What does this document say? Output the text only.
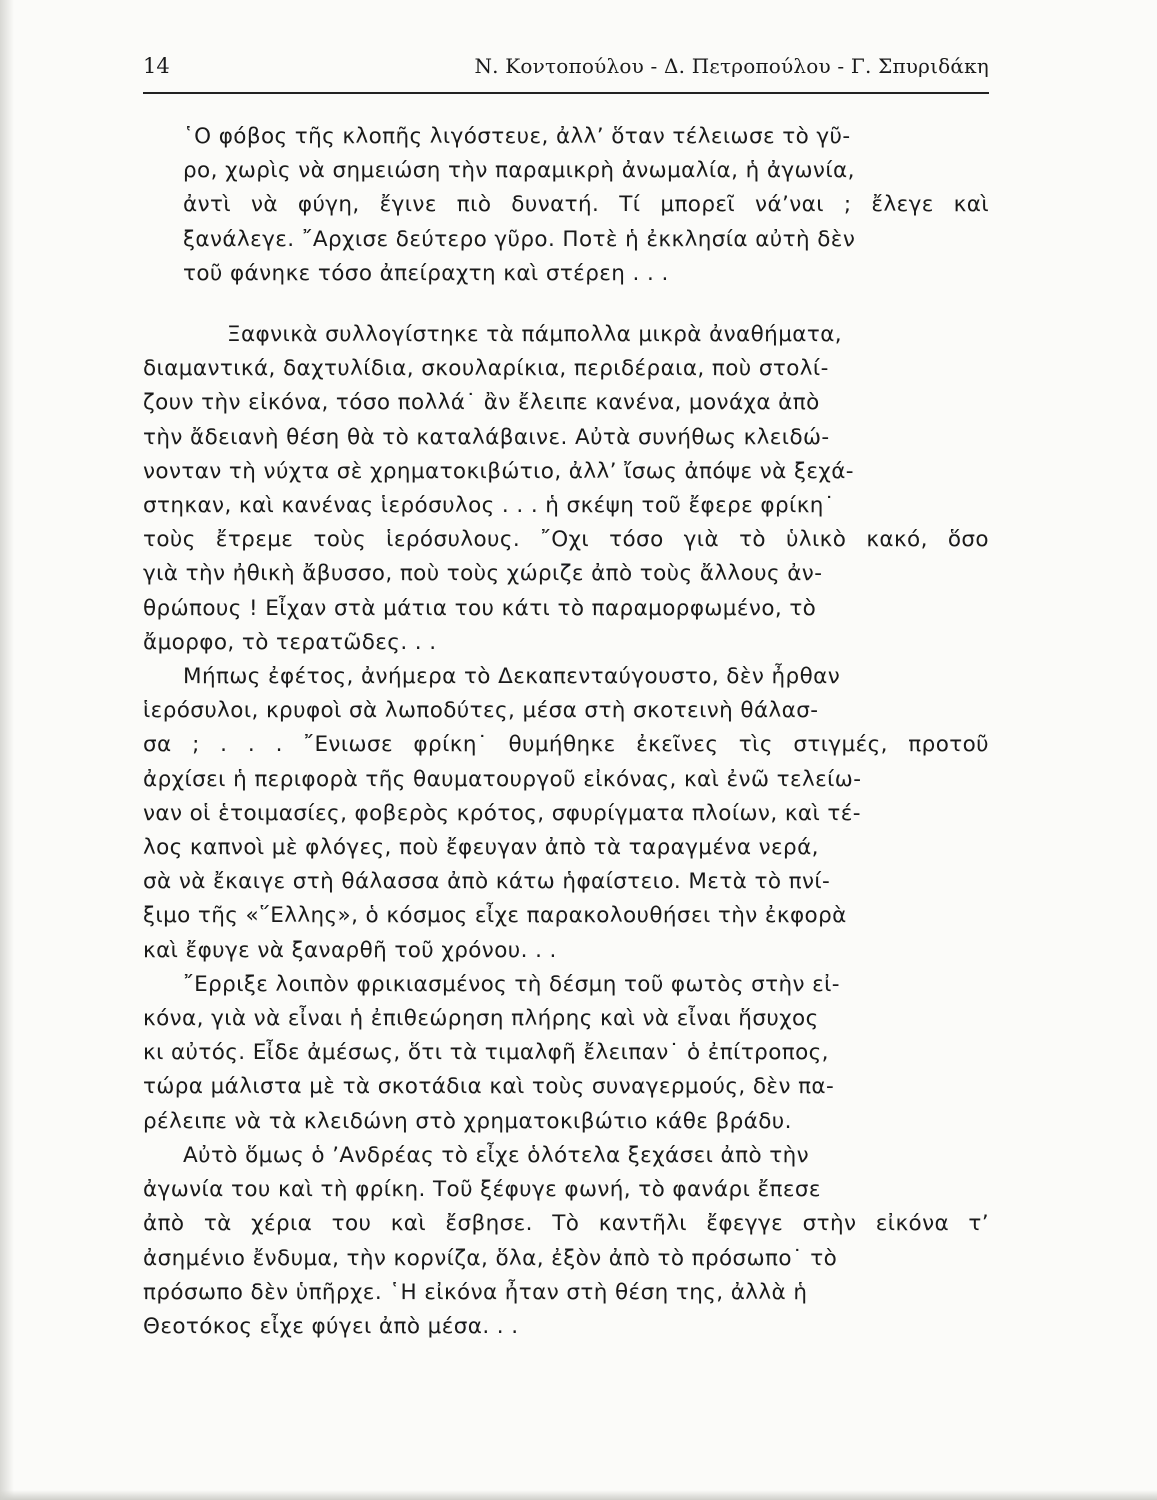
14	Ν. Κοντοπούλου - Δ. Πετροπούλου - Γ. Σπυριδάκη

῾Ο φόβος τῆς κλοπῆς λιγόστευε, ἀλλ’ ὅταν τέλειωσε τὸ γῦ-
ρο, χωρὶς νὰ σημειώση τὴν παραμικρὴ ἀνωμαλία, ἡ ἀγωνία,
ἀντὶ νὰ φύγη, ἔγινε πιὸ δυνατή. Τί μπορεῖ νά’ναι ; ἔλεγε καὶ
ξανάλεγε. ῎Αρχισε δεύτερο γῦρο. Ποτὲ ἡ ἐκκλησία αὐτὴ δὲν
τοῦ φάνηκε τόσο ἀπείραχτη καὶ στέρεη . . .

Ξαφνικὰ συλλογίστηκε τὰ πάμπολλα μικρὰ ἀναθήματα,
διαμαντικά, δαχτυλίδια, σκουλαρίκια, περιδέραια, ποὺ στολί-
ζουν τὴν εἰκόνα, τόσο πολλά˙ ἂν ἔλειπε κανένα, μονάχα ἀπὸ
τὴν ἄδειανὴ θέση θὰ τὸ καταλάβαινε. Αὐτὰ συνήθως κλειδώ-
νονταν τὴ νύχτα σὲ χρηματοκιβώτιο, ἀλλ’ ἴσως ἀπόψε νὰ ξεχά-
στηκαν, καὶ κανένας ἱερόσυλος . . . ἡ σκέψη τοῦ ἔφερε φρίκη˙
τοὺς ἔτρεμε τοὺς ἱερόσυλους. ῎Οχι τόσο γιὰ τὸ ὑλικὸ κακό, ὅσο
γιὰ τὴν ἠθικὴ ἄβυσσο, ποὺ τοὺς χώριζε ἀπὸ τοὺς ἄλλους ἀν-
θρώπους ! Εἶχαν στὰ μάτια του κάτι τὸ παραμορφωμένο, τὸ
ἄμορφο, τὸ τερατῶδες. . .

Μήπως ἐφέτος, ἀνήμερα τὸ Δεκαπενταύγουστο, δὲν ἦρθαν
ἱερόσυλοι, κρυφοὶ σὰ λωποδύτες, μέσα στὴ σκοτεινὴ θάλασ-
σα ; . . . ῎Ενιωσε φρίκη˙ θυμήθηκε ἐκεῖνες τὶς στιγμές, προτοῦ
ἀρχίσει ἡ περιφορὰ τῆς θαυματουργοῦ εἰκόνας, καὶ ἐνῶ τελείω-
ναν οἱ ἑτοιμασίες, φοβερὸς κρότος, σφυρίγματα πλοίων, καὶ τέ-
λος καπνοὶ μὲ φλόγες, ποὺ ἔφευγαν ἀπὸ τὰ ταραγμένα νερά,
σὰ νὰ ἔκαιγε στὴ θάλασσα ἀπὸ κάτω ἡφαίστειο. Μετὰ τὸ πνί-
ξιμο τῆς «῞Ελλης», ὁ κόσμος εἶχε παρακολουθήσει τὴν ἐκφορὰ
καὶ ἔφυγε νὰ ξαναρθῆ τοῦ χρόνου. . .

῎Ερριξε λοιπὸν φρικιασμένος τὴ δέσμη τοῦ φωτὸς στὴν εἰ-
κόνα, γιὰ νὰ εἶναι ἡ ἐπιθεώρηση πλήρης καὶ νὰ εἶναι ἥσυχος
κι αὐτός. Εἶδε ἀμέσως, ὅτι τὰ τιμαλφῆ ἔλειπαν˙ ὁ ἐπίτροπος,
τώρα μάλιστα μὲ τὰ σκοτάδια καὶ τοὺς συναγερμούς, δὲν πα-
ρέλειπε νὰ τὰ κλειδώνη στὸ χρηματοκιβώτιο κάθε βράδυ.

Αὐτὸ ὅμως ὁ ’Ανδρέας τὸ εἶχε ὁλότελα ξεχάσει ἀπὸ τὴν
ἀγωνία του καὶ τὴ φρίκη. Τοῦ ξέφυγε φωνή, τὸ φανάρι ἔπεσε
ἀπὸ τὰ χέρια του καὶ ἔσβησε. Τὸ καντῆλι ἔφεγγε στὴν εἰκόνα τ’
ἀσημένιο ἔνδυμα, τὴν κορνίζα, ὅλα, ἐξὸν ἀπὸ τὸ πρόσωπο˙ τὸ
πρόσωπο δὲν ὑπῆρχε. ῾Η εἰκόνα ἦταν στὴ θέση της, ἀλλὰ ἡ
Θεοτόκος εἶχε φύγει ἀπὸ μέσα. . .
